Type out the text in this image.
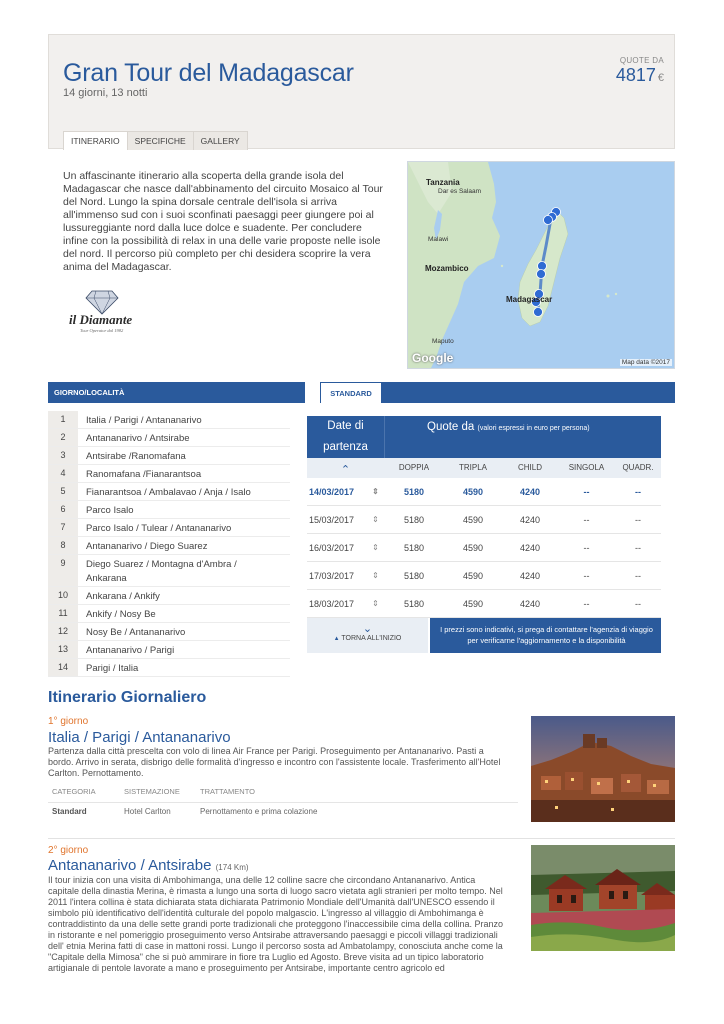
Gran Tour del Madagascar
14 giorni, 13 notti
QUOTE DA
4817 €
ITINERARIO	SPECIFICHE	GALLERY

Un affascinante itinerario alla scoperta della grande isola del Madagascar che nasce dall'abbinamento del circuito Mosaico al Tour del Nord. Lungo la spina dorsale centrale dell'isola si arriva all'immenso sud con i suoi sconfinati paesaggi peer giungere poi al lussureggiante nord dalla luce dolce e suadente. Per concludere infine con la possibilità di relax in una delle varie proposte nelle isole del nord. Il percorso più completo per chi desidera scoprire la vera anima del Madagascar.

il Diamante
Tour Operator dal 1982
Tanzania
Dar es Salaam
Malawi
Mozambico
Madagascar
Maputo
Google	Map data ©2017
GIORNO/LOCALITÀ
1	Italia / Parigi / Antananarivo
2	Antananarivo / Antsirabe
3	Antsirabe /Ranomafana
4	Ranomafana /Fianarantsoa
5	Fianarantsoa / Ambalavao / Anja / Isalo
6	Parco Isalo
7	Parco Isalo / Tulear / Antananarivo
8	Antananarivo / Diego Suarez
9	Diego Suarez / Montagna d'Ambra / Ankarana
10	Ankarana / Ankify
11	Ankify / Nosy Be
12	Nosy Be / Antananarivo
13	Antananarivo / Parigi
14	Parigi / Italia
STANDARD
Date di partenza
Quote da (valori espressi in euro per persona)
⌃	DOPPIA	TRIPLA	CHILD	SINGOLA	QUADR.
14/03/2017	⇕	5180	4590	4240	--	--
15/03/2017	⇕	5180	4590	4240	--	--
16/03/2017	⇕	5180	4590	4240	--	--
17/03/2017	⇕	5180	4590	4240	--	--
18/03/2017	⇕	5180	4590	4240	--	--
⌄
▲ TORNA ALL'INIZIO
I prezzi sono indicativi, si prega di contattare l'agenzia di viaggio per verificarne l'aggiornamento e la disponibilità
Itinerario Giornaliero
1° giorno
Italia / Parigi / Antananarivo

Partenza dalla città prescelta con volo di linea Air France per Parigi. Proseguimento per Antananarivo. Pasti a bordo. Arrivo in serata, disbrigo delle formalità d'ingresso e incontro con l'assistente locale. Trasferimento all'Hotel Carlton. Pernottamento.

CATEGORIA	SISTEMAZIONE	TRATTAMENTO
Standard	Hotel Carlton	Pernottamento e prima colazione
2° giorno
Antananarivo / Antsirabe (174 Km)

Il tour inizia con una visita di Ambohimanga, una delle 12 colline sacre che circondano Antananarivo. Antica capitale della dinastia Merina, è rimasta a lungo una sorta di luogo sacro vietata agli stranieri per molto tempo. Nel 2011 l'intera collina è stata dichiarata stata dichiarata Patrimonio Mondiale dell'Umanità dall'UNESCO essendo il simbolo più identificativo dell'identità culturale del popolo malgascio. L'ingresso al villaggio di Ambohimanga è contraddistinto da una delle sette grandi porte tradizionali che proteggono l'inaccessibile cima della collina. Pranzo in ristorante e nel pomeriggio proseguimento verso Antsirabe attraversando paesaggi e piccoli villaggi tradizionali dell' etnia Merina fatti di case in mattoni rossi. Lungo il percorso sosta ad Ambatolampy, conosciuta anche come la "Capitale della Mimosa" che si può ammirare in fiore tra Luglio ed Agosto. Breve visita ad un tipico laboratorio artigianale di pentole lavorate a mano e proseguimento per Antsirabe, importante centro agricolo ed
